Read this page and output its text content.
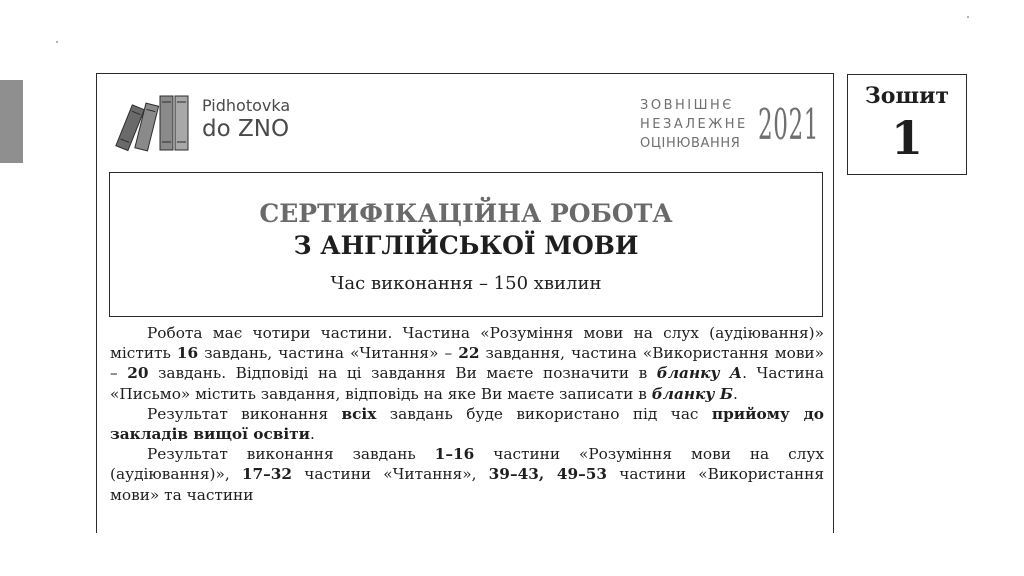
Pidhotovka
do ZNO
ЗОВНІШНЄ
НЕЗАЛЕЖНЕ
ОЦІНЮВАННЯ 2021
Зошит
1
СЕРТИФІКАЦІЙНА РОБОТА
З АНГЛІЙСЬКОЇ МОВИ
Час виконання – 150 хвилин

Робота має чотири частини. Частина «Розуміння мови на слух (аудіювання)» містить 16 завдань, частина «Читання» – 22 завдання, частина «Використання мови» – 20 завдань. Відповіді на ці завдання Ви маєте позначити в бланку А. Частина «Письмо» містить завдання, відповідь на яке Ви маєте записати в бланку Б.

Результат виконання всіх завдань буде використано під час прийому до закладів вищої освіти.

Результат виконання завдань 1–16 частини «Розуміння мови на слух (аудіювання)», 17–32 частини «Читання», 39–43, 49–53 частини «Використання мови» та частини
